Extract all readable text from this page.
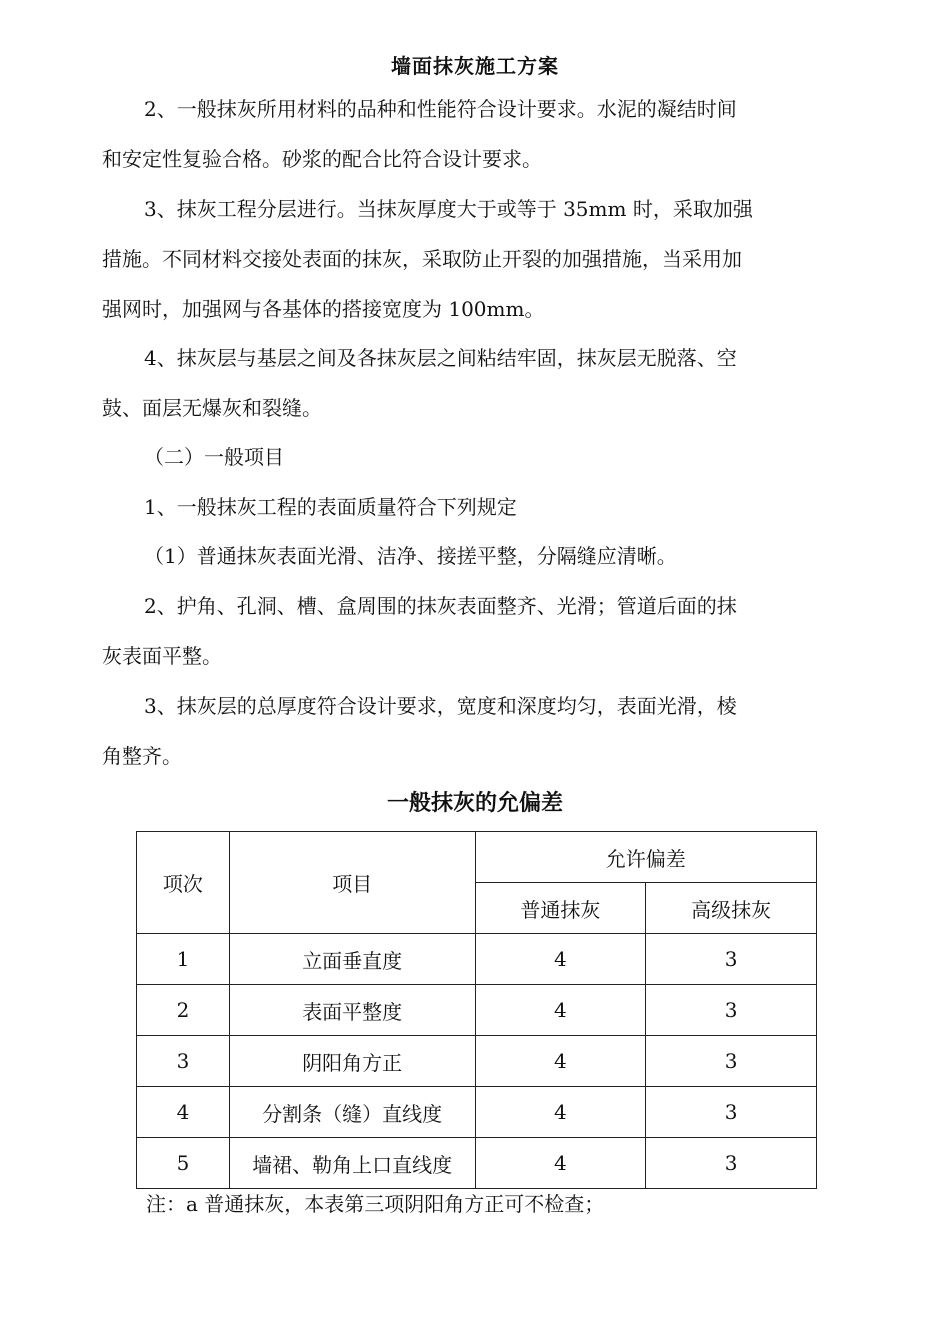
墙面抹灰施工方案

2、一般抹灰所用材料的品种和性能符合设计要求。水泥的凝结时间
和安定性复验合格。砂浆的配合比符合设计要求。

3、抹灰工程分层进行。当抹灰厚度大于或等于 35mm 时，采取加强
措施。不同材料交接处表面的抹灰，采取防止开裂的加强措施，当采用加
强网时，加强网与各基体的搭接宽度为 100mm。

4、抹灰层与基层之间及各抹灰层之间粘结牢固，抹灰层无脱落、空
鼓、面层无爆灰和裂缝。

（二）一般项目

1、一般抹灰工程的表面质量符合下列规定

（1）普通抹灰表面光滑、洁净、接搓平整，分隔缝应清晰。

2、护角、孔洞、槽、盒周围的抹灰表面整齐、光滑；管道后面的抹
灰表面平整。

3、抹灰层的总厚度符合设计要求，宽度和深度均匀，表面光滑，棱
角整齐。

一般抹灰的允偏差
项次	项目	允许偏差	
		普通抹灰	高级抹灰
1	立面垂直度	4	3
2	表面平整度	4	3
3	阴阳角方正	4	3
4	分割条（缝）直线度	4	3
5	墙裙、勒角上口直线度	4	3
注：a 普通抹灰，本表第三项阴阳角方正可不检查；
